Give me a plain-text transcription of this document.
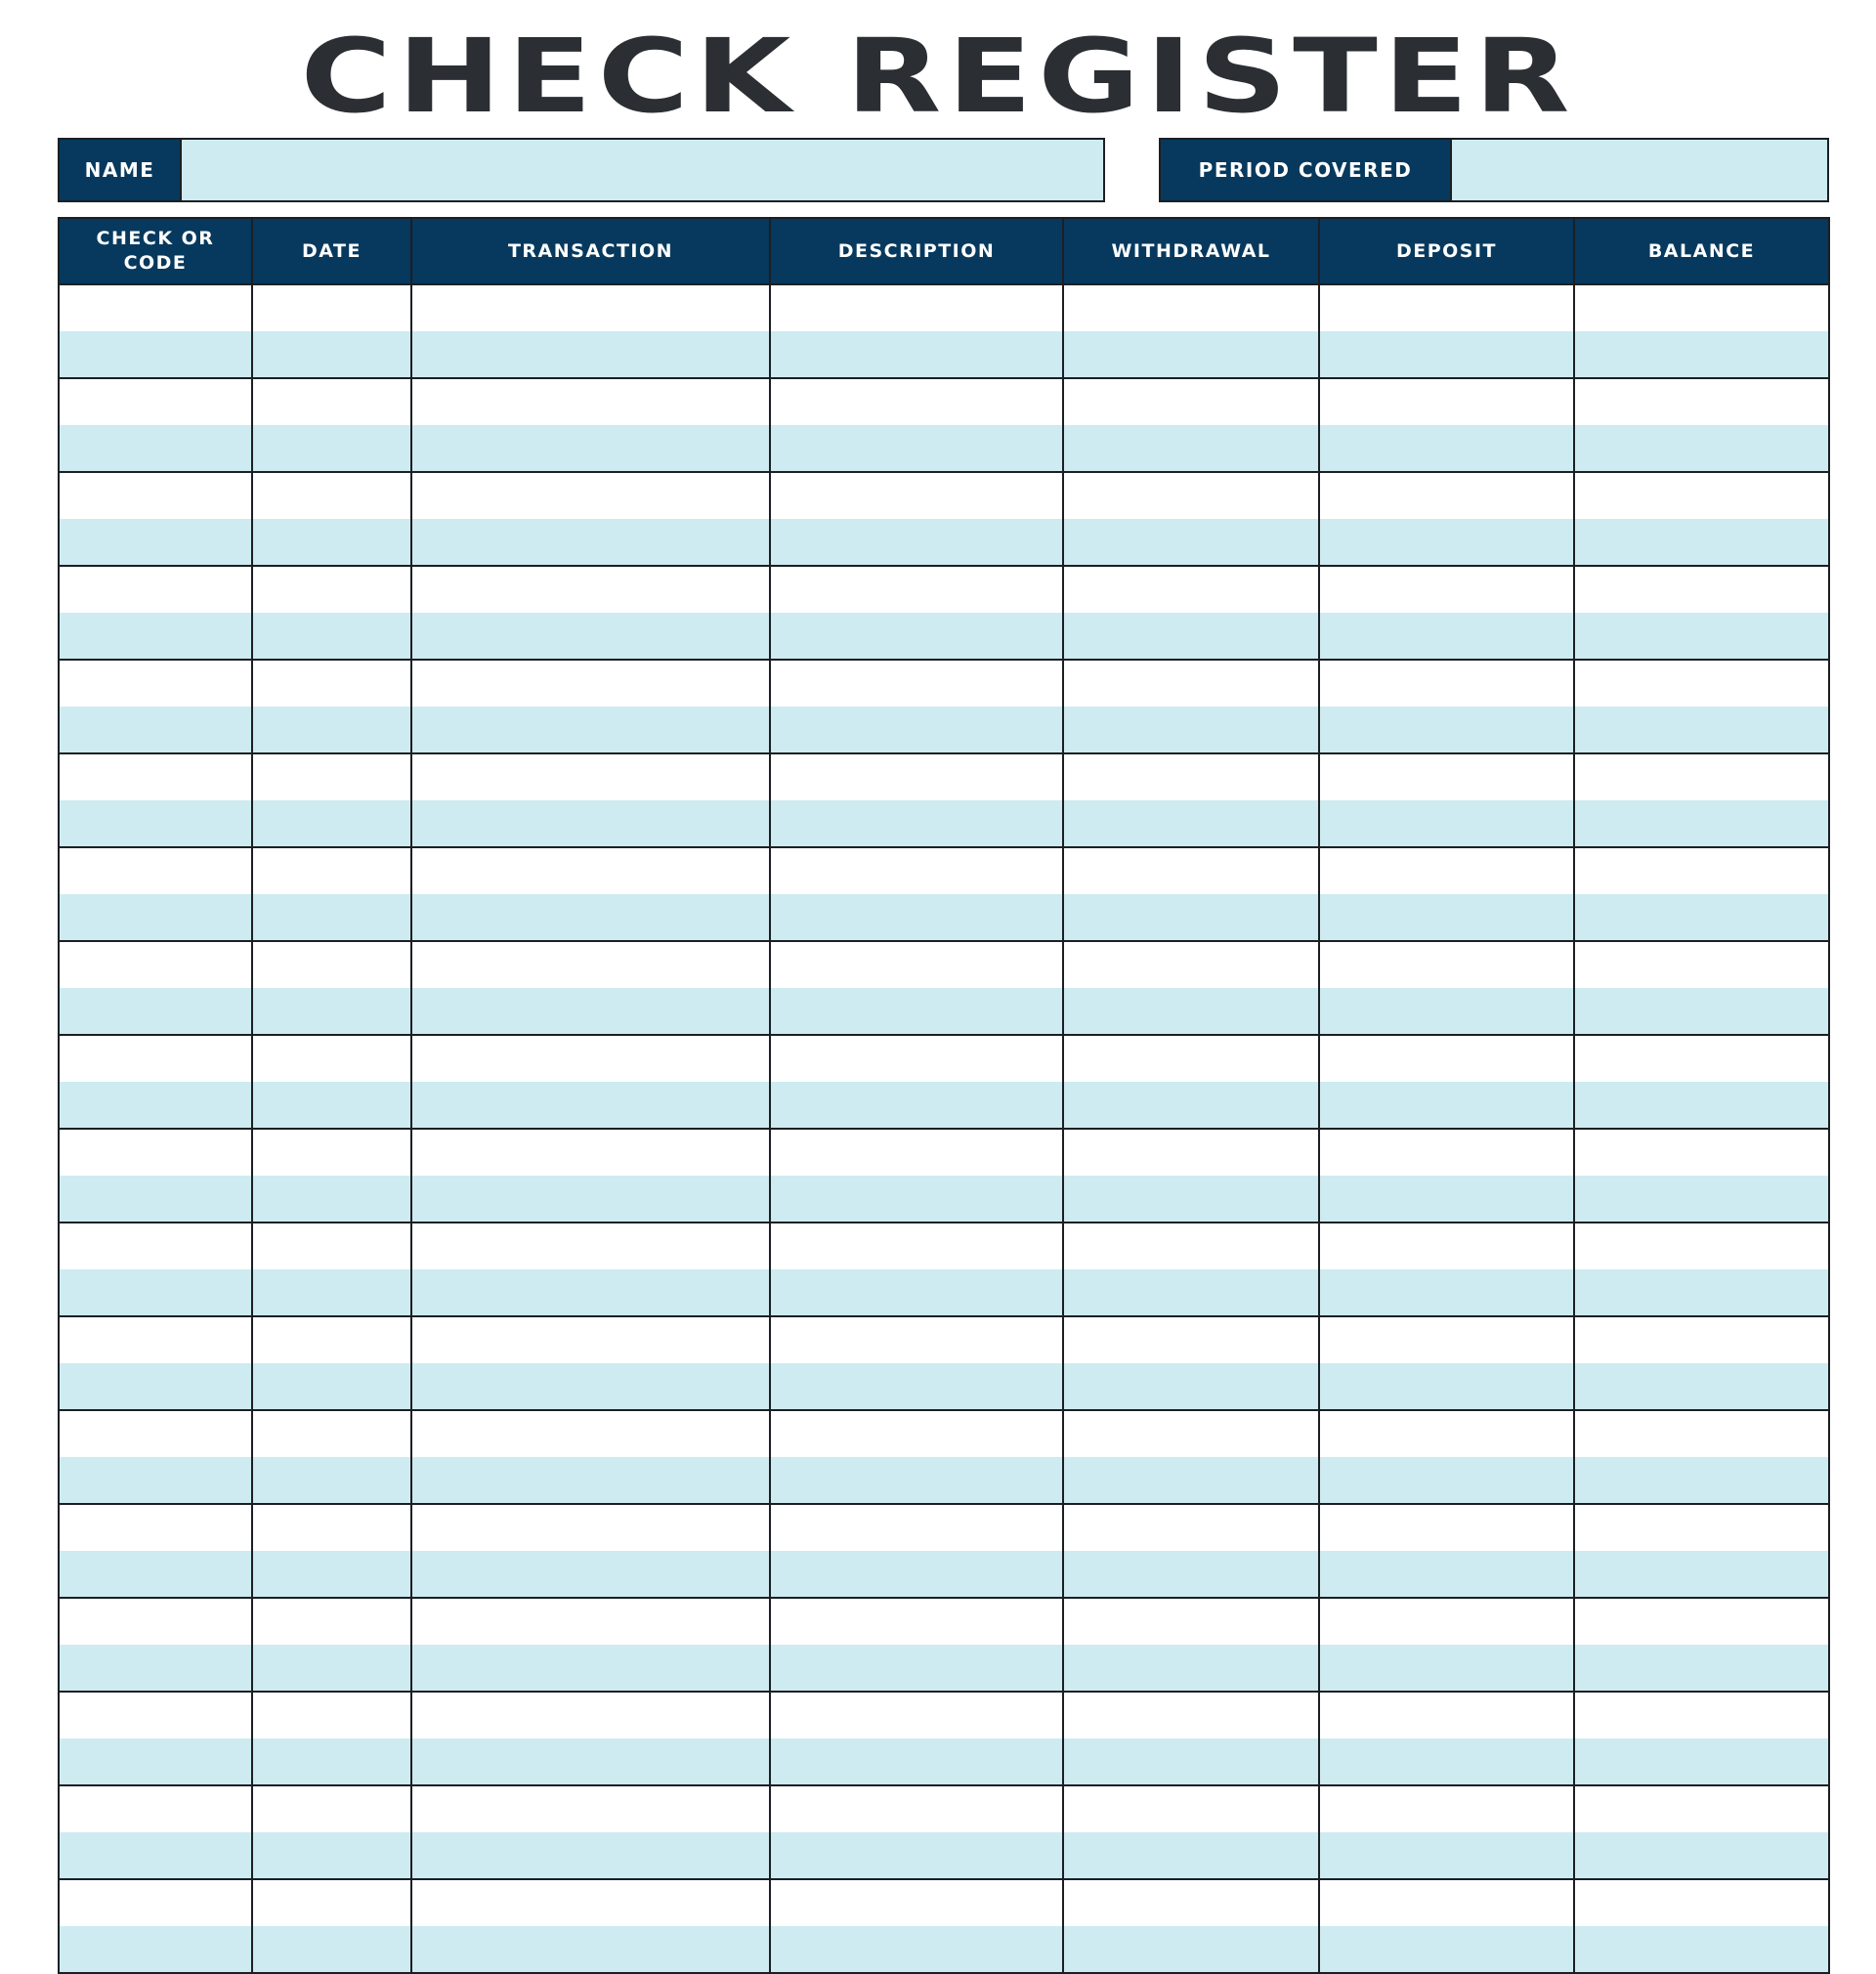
CHECK REGISTER
NAME	PERIOD COVERED
CHECK OR CODE	DATE	TRANSACTION	DESCRIPTION	WITHDRAWAL	DEPOSIT	BALANCE
